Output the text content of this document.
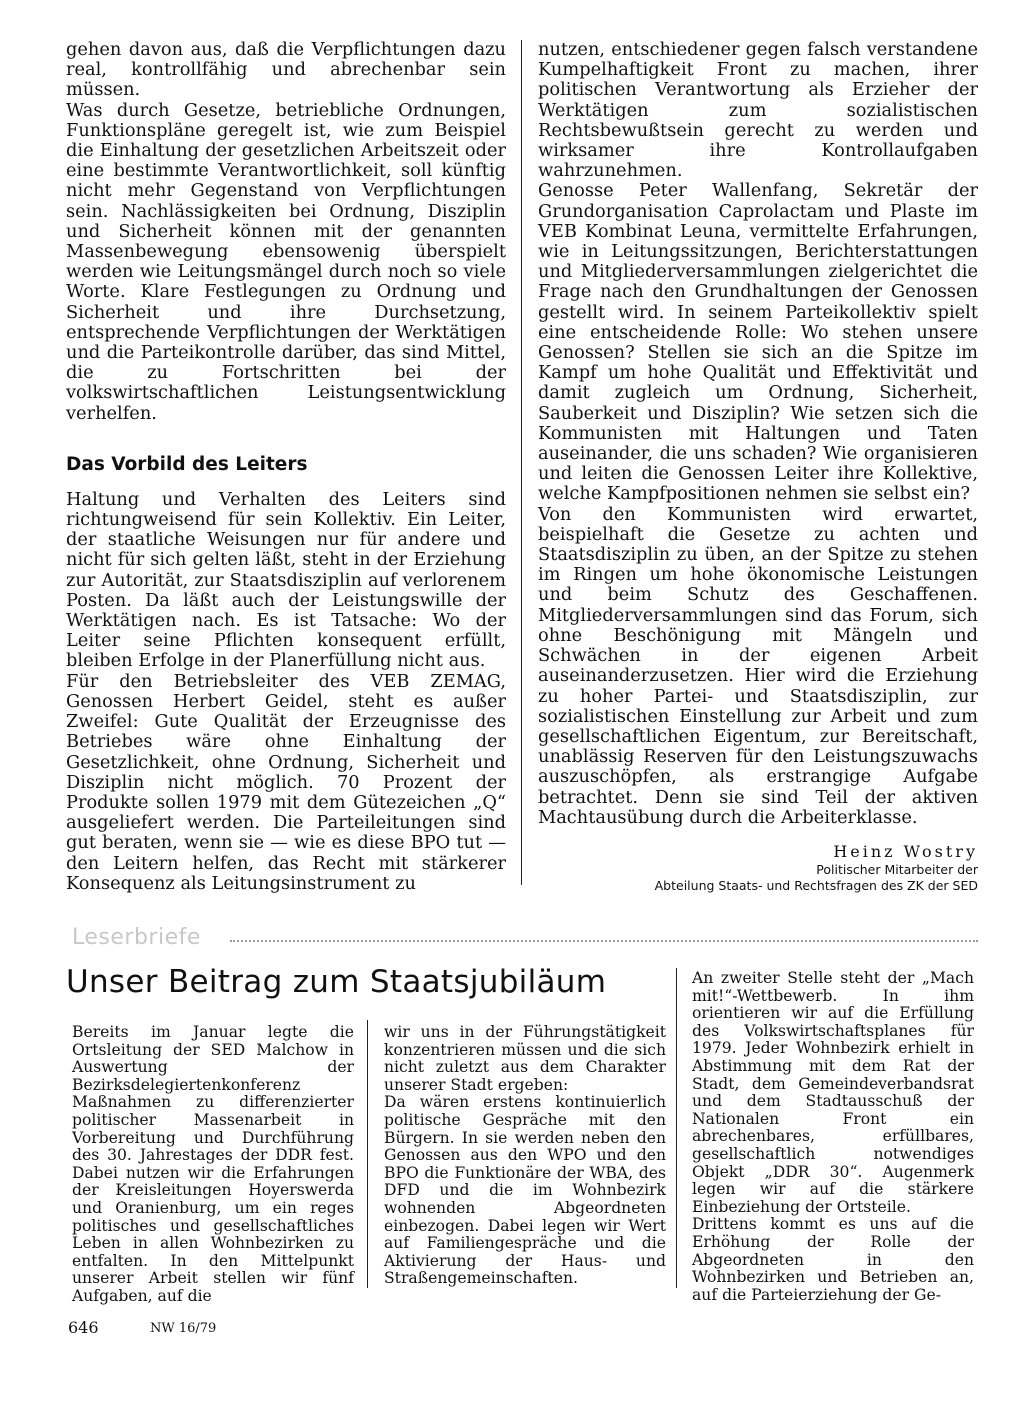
gehen davon aus, daß die Verpflichtungen dazu real, kontrollfähig und abrechenbar sein müssen.

Was durch Gesetze, betriebliche Ordnungen, Funktionspläne geregelt ist, wie zum Beispiel die Einhaltung der gesetzlichen Arbeitszeit oder eine bestimmte Verantwortlichkeit, soll künftig nicht mehr Gegenstand von Verpflichtungen sein. Nachlässigkeiten bei Ordnung, Disziplin und Sicherheit können mit der genannten Massenbewegung ebensowenig überspielt werden wie Leitungsmängel durch noch so viele Worte. Klare Festlegungen zu Ordnung und Sicherheit und ihre Durchsetzung, entsprechende Verpflichtungen der Werktätigen und die Parteikontrolle darüber, das sind Mittel, die zu Fortschritten bei der volkswirtschaftlichen Leistungsentwicklung verhelfen.

Das Vorbild des Leiters

Haltung und Verhalten des Leiters sind richtungweisend für sein Kollektiv. Ein Leiter, der staatliche Weisungen nur für andere und nicht für sich gelten läßt, steht in der Erziehung zur Autorität, zur Staatsdisziplin auf verlorenem Posten. Da läßt auch der Leistungswille der Werktätigen nach. Es ist Tatsache: Wo der Leiter seine Pflichten konsequent erfüllt, bleiben Erfolge in der Planerfüllung nicht aus.

Für den Betriebsleiter des VEB ZEMAG, Genossen Herbert Geidel, steht es außer Zweifel: Gute Qualität der Erzeugnisse des Betriebes wäre ohne Einhaltung der Gesetzlichkeit, ohne Ordnung, Sicherheit und Disziplin nicht möglich. 70 Prozent der Produkte sollen 1979 mit dem Gütezeichen „Q“ ausgeliefert werden. Die Parteileitungen sind gut beraten, wenn sie — wie es diese BPO tut — den Leitern helfen, das Recht mit stärkerer Konsequenz als Leitungsinstrument zu

nutzen, entschiedener gegen falsch verstandene Kumpelhaftigkeit Front zu machen, ihrer politischen Verantwortung als Erzieher der Werktätigen zum sozialistischen Rechtsbewußtsein gerecht zu werden und wirksamer ihre Kontrollaufgaben wahrzunehmen.

Genosse Peter Wallenfang, Sekretär der Grundorganisation Caprolactam und Plaste im VEB Kombinat Leuna, vermittelte Erfahrungen, wie in Leitungssitzungen, Berichterstattungen und Mitgliederversammlungen zielgerichtet die Frage nach den Grundhaltungen der Genossen gestellt wird. In seinem Parteikollektiv spielt eine entscheidende Rolle: Wo stehen unsere Genossen? Stellen sie sich an die Spitze im Kampf um hohe Qualität und Effektivität und damit zugleich um Ordnung, Sicherheit, Sauberkeit und Disziplin? Wie setzen sich die Kommunisten mit Haltungen und Taten auseinander, die uns schaden? Wie organisieren und leiten die Genossen Leiter ihre Kollektive, welche Kampfpositionen nehmen sie selbst ein?

Von den Kommunisten wird erwartet, beispielhaft die Gesetze zu achten und Staatsdisziplin zu üben, an der Spitze zu stehen im Ringen um hohe ökonomische Leistungen und beim Schutz des Geschaffenen. Mitgliederversammlungen sind das Forum, sich ohne Beschönigung mit Mängeln und Schwächen in der eigenen Arbeit auseinanderzusetzen. Hier wird die Erziehung zu hoher Partei- und Staatsdisziplin, zur sozialistischen Einstellung zur Arbeit und zum gesellschaftlichen Eigentum, zur Bereitschaft, unablässig Reserven für den Leistungszuwachs auszuschöpfen, als erstrangige Aufgabe betrachtet. Denn sie sind Teil der aktiven Machtausübung durch die Arbeiterklasse.

Heinz Wostry
Politischer Mitarbeiter der
Abteilung Staats- und Rechtsfragen des ZK der SED
Leserbriefe
Unser Beitrag zum Staatsjubiläum

Bereits im Januar legte die Ortsleitung der SED Malchow in Auswertung der Bezirksdelegiertenkonferenz Maßnahmen zu differenzierter politischer Massenarbeit in Vorbereitung und Durchführung des 30. Jahrestages der DDR fest. Dabei nutzen wir die Erfahrungen der Kreisleitungen Hoyerswerda und Oranienburg, um ein reges politisches und gesellschaftliches Leben in allen Wohnbezirken zu entfalten. In den Mittelpunkt unserer Arbeit stellen wir fünf Aufgaben, auf die

wir uns in der Führungstätigkeit konzentrieren müssen und die sich nicht zuletzt aus dem Charakter unserer Stadt ergeben:

Da wären erstens kontinuierlich politische Gespräche mit den Bürgern. In sie werden neben den Genossen aus den WPO und den BPO die Funktionäre der WBA, des DFD und die im Wohnbezirk wohnenden Abgeordneten einbezogen. Dabei legen wir Wert auf Familiengespräche und die Aktivierung der Haus- und Straßengemeinschaften.

An zweiter Stelle steht der „Mach mit!“-Wettbewerb. In ihm orientieren wir auf die Erfüllung des Volkswirtschaftsplanes für 1979. Jeder Wohnbezirk erhielt in Abstimmung mit dem Rat der Stadt, dem Gemeindeverbandsrat und dem Stadtausschuß der Nationalen Front ein abrechenbares, erfüllbares, gesellschaftlich notwendiges Objekt „DDR 30“. Augenmerk legen wir auf die stärkere Einbeziehung der Ortsteile.

Drittens kommt es uns auf die Erhöhung der Rolle der Abgeordneten in den Wohnbezirken und Betrieben an, auf die Parteierziehung der Ge-

646	NW 16/79
